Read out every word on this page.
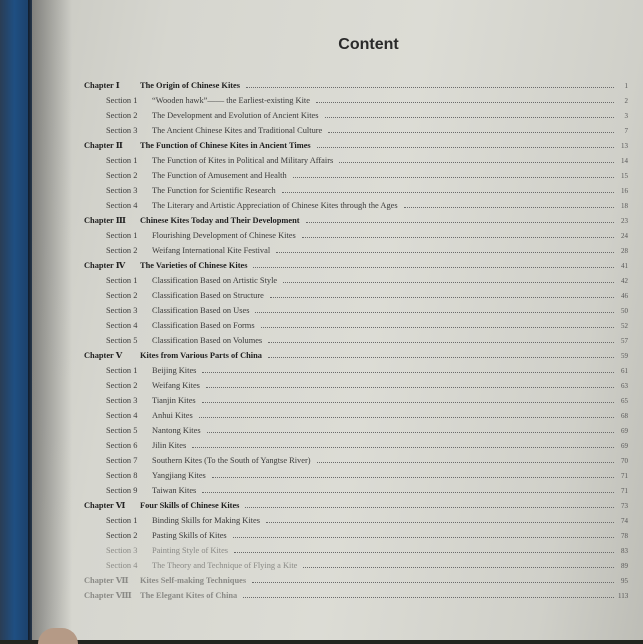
Content
Chapter Ⅰ	The Origin of Chinese Kites	1
Section 1	“Wooden hawk”—— the Earliest-existing Kite	2
Section 2	The Development and Evolution of Ancient Kites	3
Section 3	The Ancient Chinese Kites and Traditional Culture	7
Chapter Ⅱ	The Function of Chinese Kites in Ancient Times	13
Section 1	The Function of Kites in Political and Military Affairs	14
Section 2	The Function of Amusement and Health	15
Section 3	The Function for Scientific Research	16
Section 4	The Literary and Artistic Appreciation of Chinese Kites through the Ages	18
Chapter Ⅲ	Chinese Kites Today and Their Development	23
Section 1	Flourishing Development of Chinese Kites	24
Section 2	Weifang International Kite Festival	28
Chapter Ⅳ	The Varieties of Chinese Kites	41
Section 1	Classification Based on Artistic Style	42
Section 2	Classification Based on Structure	46
Section 3	Classification Based on Uses	50
Section 4	Classification Based on Forms	52
Section 5	Classification Based on Volumes	57
Chapter Ⅴ	Kites from Various Parts of China	59
Section 1	Beijing Kites	61
Section 2	Weifang Kites	63
Section 3	Tianjin Kites	65
Section 4	Anhui Kites	68
Section 5	Nantong Kites	69
Section 6	Jilin Kites	69
Section 7	Southern Kites (To the South of Yangtse River)	70
Section 8	Yangjiang Kites	71
Section 9	Taiwan Kites	71
Chapter Ⅵ	Four Skills of Chinese Kites	73
Section 1	Binding Skills for Making Kites	74
Section 2	Pasting Skills of Kites	78
Section 3	Painting Style of Kites	83
Section 4	The Theory and Technique of Flying a Kite	89
Chapter Ⅶ	Kites Self-making Techniques	95
Chapter Ⅷ The Elegant Kites of China	113
